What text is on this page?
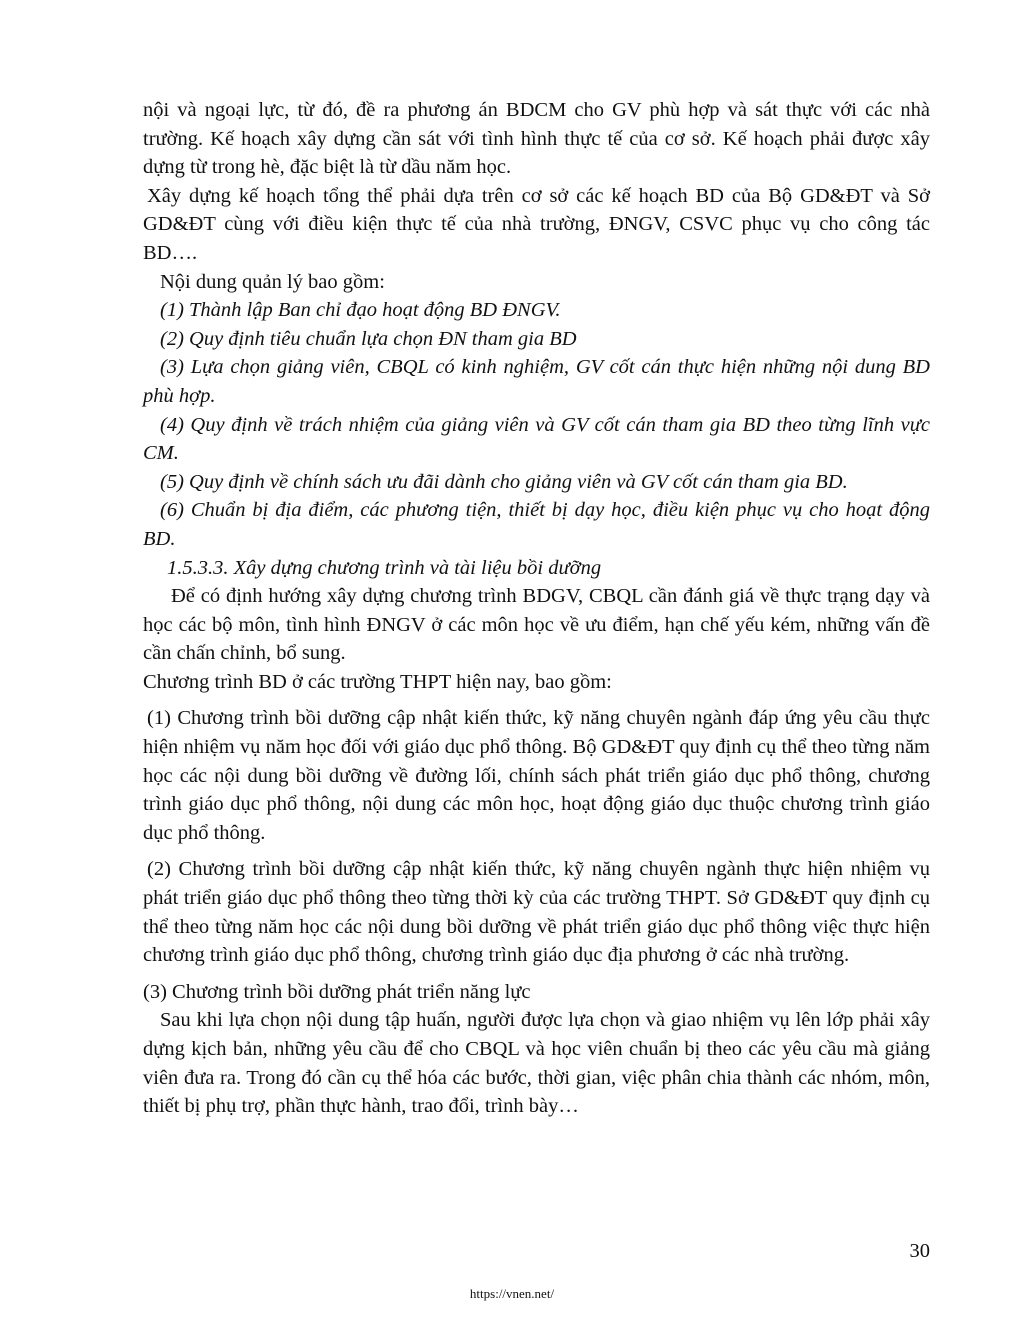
nội và ngoại lực, từ đó, đề ra phương án BDCM cho GV phù hợp và sát thực với các nhà trường. Kế hoạch xây dựng cần sát với tình hình thực tế của cơ sở. Kế hoạch phải được xây dựng từ trong hè, đặc biệt là từ dầu năm học.

Xây dựng kế hoạch tổng thể phải dựa trên cơ sở các kế hoạch BD của Bộ GD&ĐT và Sở GD&ĐT cùng với điều kiện thực tế của nhà trường, ĐNGV, CSVC phục vụ cho công tác BD….

Nội dung quản lý bao gồm:

(1) Thành lập Ban chỉ đạo hoạt động BD ĐNGV.

(2) Quy định tiêu chuẩn lựa chọn ĐN tham gia BD

(3) Lựa chọn giảng viên, CBQL có kinh nghiệm, GV cốt cán thực hiện những nội dung BD phù hợp.

(4) Quy định về trách nhiệm của giảng viên và GV cốt cán tham gia BD theo từng lĩnh vực CM.

(5) Quy định về chính sách ưu đãi dành cho giảng viên và GV cốt cán tham gia BD.

(6) Chuẩn bị địa điểm, các phương tiện, thiết bị dạy học, điều kiện phục vụ cho hoạt động BD.

1.5.3.3. Xây dựng chương trình và tài liệu bồi dưỡng

Để có định hướng xây dựng chương trình BDGV, CBQL cần đánh giá về thực trạng dạy và học các bộ môn, tình hình ĐNGV ở các môn học về ưu điểm, hạn chế yếu kém, những vấn đề cần chấn chỉnh, bổ sung.

Chương trình BD ở các trường THPT hiện nay, bao gồm:

(1) Chương trình bồi dưỡng cập nhật kiến thức, kỹ năng chuyên ngành đáp ứng yêu cầu thực hiện nhiệm vụ năm học đối với giáo dục phổ thông. Bộ GD&ĐT quy định cụ thể theo từng năm học các nội dung bồi dưỡng về đường lối, chính sách phát triển giáo dục phổ thông, chương trình giáo dục phổ thông, nội dung các môn học, hoạt động giáo dục thuộc chương trình giáo dục phổ thông.

(2) Chương trình bồi dưỡng cập nhật kiến thức, kỹ năng chuyên ngành thực hiện nhiệm vụ phát triển giáo dục phổ thông theo từng thời kỳ của các trường THPT. Sở GD&ĐT quy định cụ thể theo từng năm học các nội dung bồi dưỡng về phát triển giáo dục phổ thông việc thực hiện chương trình giáo dục phổ thông, chương trình giáo dục địa phương ở các nhà trường.

(3) Chương trình bồi dưỡng phát triển năng lực

Sau khi lựa chọn nội dung tập huấn, người được lựa chọn và giao nhiệm vụ lên lớp phải xây dựng kịch bản, những yêu cầu để cho CBQL và học viên chuẩn bị theo các yêu cầu mà giảng viên đưa ra. Trong đó cần cụ thể hóa các bước, thời gian, việc phân chia thành các nhóm, môn, thiết bị phụ trợ, phần thực hành, trao đổi, trình bày…

30
https://vnen.net/
